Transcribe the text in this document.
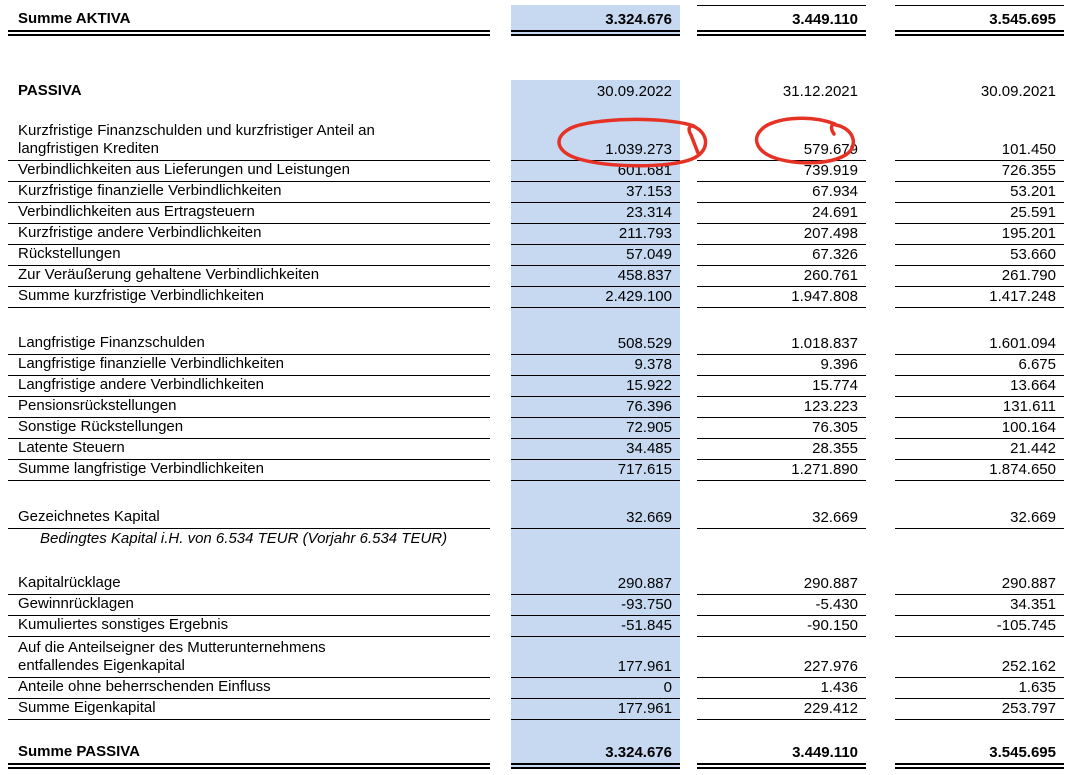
Summe AKTIVA	3.324.676	3.449.110	3.545.695
PASSIVA	30.09.2022	31.12.2021	30.09.2021
Kurzfristige Finanzschulden und kurzfristiger Anteil an
langfristigen Krediten	1.039.273	579.679	101.450
Verbindlichkeiten aus Lieferungen und Leistungen	601.681	739.919	726.355
Kurzfristige finanzielle Verbindlichkeiten	37.153	67.934	53.201
Verbindlichkeiten aus Ertragsteuern	23.314	24.691	25.591
Kurzfristige andere Verbindlichkeiten	211.793	207.498	195.201
Rückstellungen	57.049	67.326	53.660
Zur Veräußerung gehaltene Verbindlichkeiten	458.837	260.761	261.790
Summe kurzfristige Verbindlichkeiten	2.429.100	1.947.808	1.417.248
Langfristige Finanzschulden	508.529	1.018.837	1.601.094
Langfristige finanzielle Verbindlichkeiten	9.378	9.396	6.675
Langfristige andere Verbindlichkeiten	15.922	15.774	13.664
Pensionsrückstellungen	76.396	123.223	131.611
Sonstige Rückstellungen	72.905	76.305	100.164
Latente Steuern	34.485	28.355	21.442
Summe langfristige Verbindlichkeiten	717.615	1.271.890	1.874.650
Gezeichnetes Kapital	32.669	32.669	32.669
Bedingtes Kapital i.H. von 6.534 TEUR (Vorjahr 6.534 TEUR)
Kapitalrücklage	290.887	290.887	290.887
Gewinnrücklagen	-93.750	-5.430	34.351
Kumuliertes sonstiges Ergebnis	-51.845	-90.150	-105.745
Auf die Anteilseigner des Mutterunternehmens
entfallendes Eigenkapital	177.961	227.976	252.162
Anteile ohne beherrschenden Einfluss	0	1.436	1.635
Summe Eigenkapital	177.961	229.412	253.797
Summe PASSIVA	3.324.676	3.449.110	3.545.695
